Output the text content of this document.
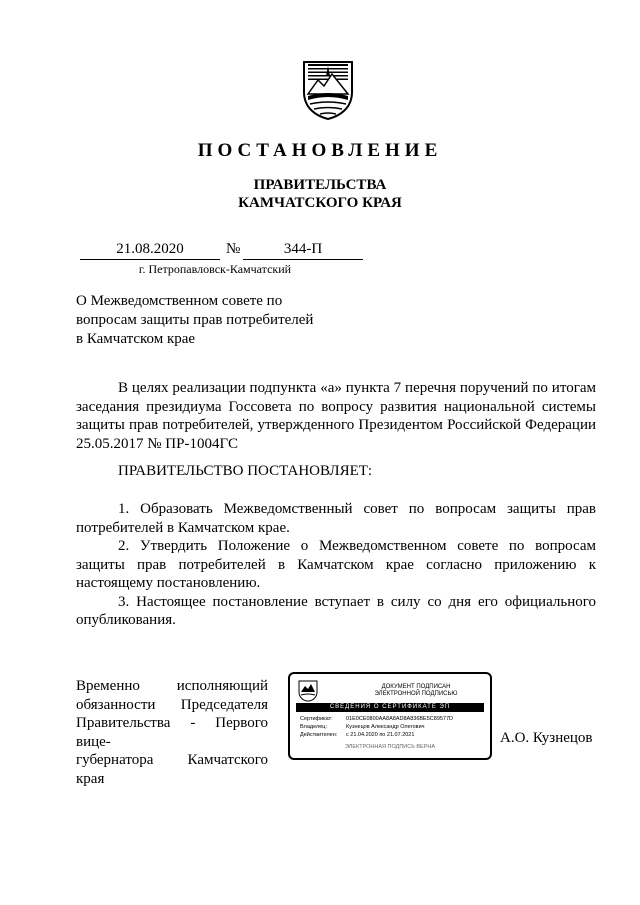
ПОСТАНОВЛЕНИЕ
ПРАВИТЕЛЬСТВА
КАМЧАТСКОГО КРАЯ
21.08.2020	№	344-П
г. Петропавловск-Камчатский
О Межведомственном совете по
вопросам защиты прав потребителей
в Камчатском крае

В целях реализации подпункта «а» пункта 7 перечня поручений по итогам заседания президиума Госсовета по вопросу развития национальной системы защиты прав потребителей, утвержденного Президентом Российской Федерации 25.05.2017 № ПР-1004ГС

ПРАВИТЕЛЬСТВО ПОСТАНОВЛЯЕТ:

1. Образовать Межведомственный совет по вопросам защиты прав потребителей в Камчатском крае.

2. Утвердить Положение о Межведомственном совете по вопросам защиты прав потребителей в Камчатском крае согласно приложению к настоящему постановлению.

3. Настоящее постановление вступает в силу со дня его официального опубликования.

Временно исполняющий
обязанности Председателя
Правительства - Первого вице-
губернатора Камчатского края
ДОКУМЕНТ ПОДПИСАН
ЭЛЕКТРОННОЙ ПОДПИСЬЮ
СВЕДЕНИЯ О СЕРТИФИКАТЕ ЭП
Сертификат: 01E0CE0800AA8A8AD8A836BE5C89577D
Владелец:	Кузнецов Александр Олегович
Действителен: с 21.04.2020 по 21.07.2021
ЭЛЕКТРОННАЯ ПОДПИСЬ ВЕРНА
А.О. Кузнецов
